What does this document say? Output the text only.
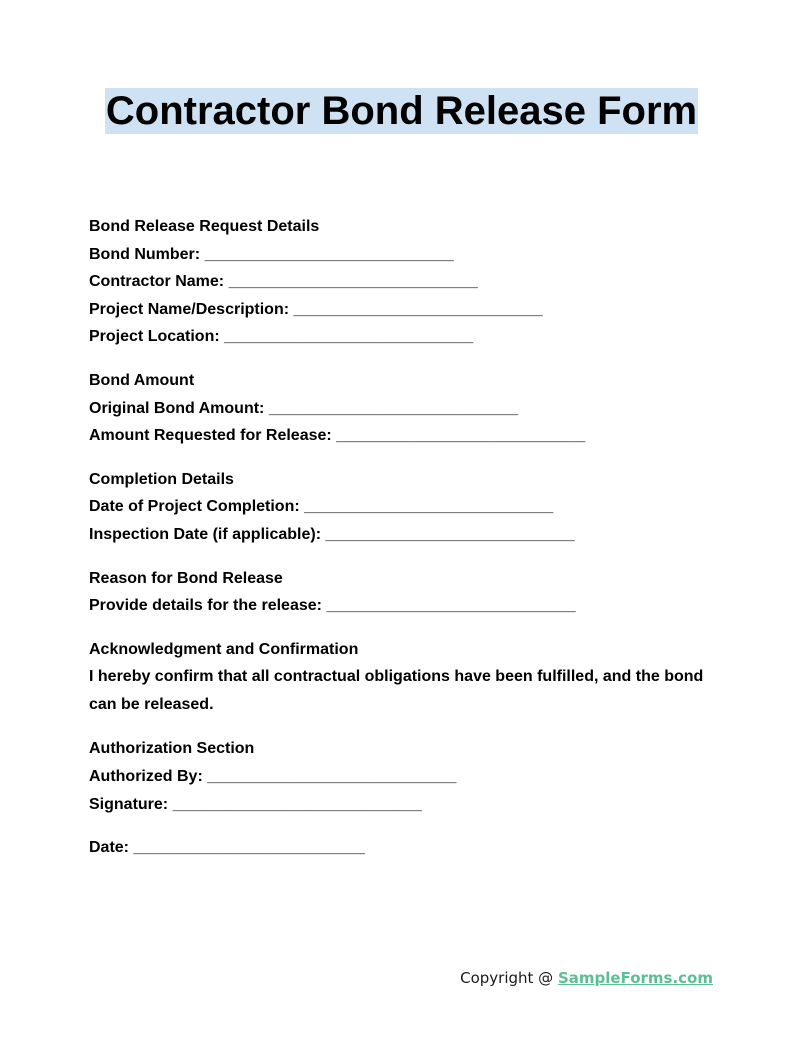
Contractor Bond Release Form
Bond Release Request Details
Bond Number: ____________________________
Contractor Name: ____________________________
Project Name/Description: ____________________________
Project Location: ____________________________
Bond Amount
Original Bond Amount: ____________________________
Amount Requested for Release: ____________________________
Completion Details
Date of Project Completion: ____________________________
Inspection Date (if applicable): ____________________________
Reason for Bond Release
Provide details for the release: ____________________________
Acknowledgment and Confirmation
I hereby confirm that all contractual obligations have been fulfilled, and the bond can be released.
Authorization Section
Authorized By: ____________________________
Signature: ____________________________
Date: __________________________
Copyright @ SampleForms.com
